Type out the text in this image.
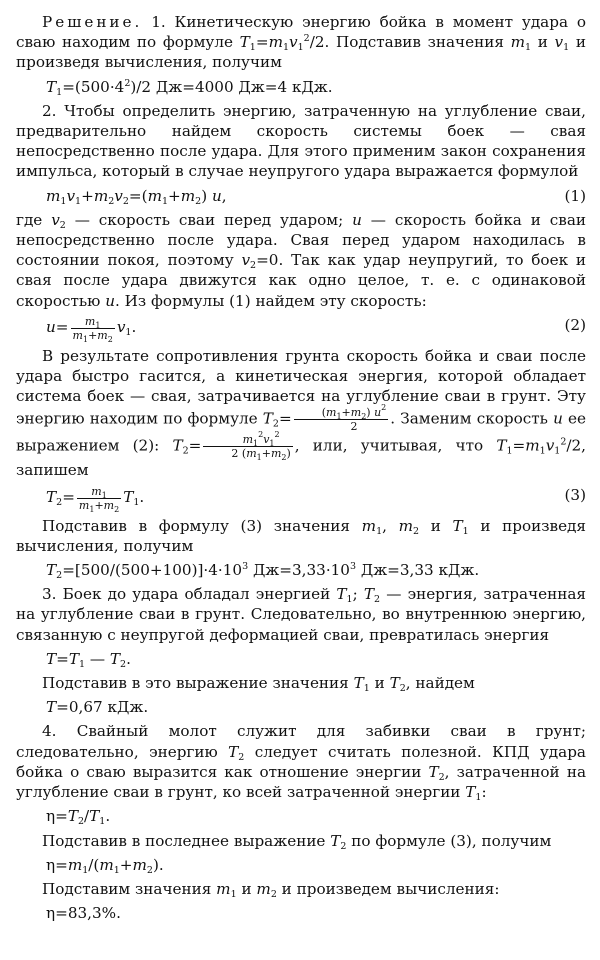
Решение. 1. Кинетическую энергию бойка в момент удара о сваю находим по формуле $T_1=m_1v_1^2/2$. Подставив значения $m_1$ и $v_1$ и произведя вычисления, получим

$T_1=(500\cdot 4^2)/2$ Дж=4000 Дж=4 кДж.

2. Чтобы определить энергию, затраченную на углубление сваи, предварительно найдем скорость системы боек — свая непосредственно после удара. Для этого применим закон сохранения импульса, который в случае неупругого удара выражается формулой

$m_1v_1+m_2v_2=(m_1+m_2)$ u,	(1)

где $v_2$ — скорость сваи перед ударом; u — скорость бойка и сваи непосредственно после удара. Свая перед ударом находилась в состоянии покоя, поэтому $v_2=0$. Так как удар неупругий, то боек и свая после удара движутся как одно целое, т. е. с одинаковой скоростью u. Из формулы (1) найдем эту скорость:

$u= \frac{m_1}{m_1+m_2} v_1$.	(2)

В результате сопротивления грунта скорость бойка и сваи после удара быстро гасится, а кинетическая энергия, которой обладает система боек — свая, затрачивается на углубление сваи в грунт. Эту энергию находим по формуле $T_2= \frac{(m_1+m_2) u^2}{2}$ . Заменим скорость u ее выражением (2): $T_2= \frac{m_1^2v_1^2}{2 (m_1+m_2)}$ , или, учитывая, что $T_1=m_1v_1^2/2$, запишем

$T_2= \frac{m_1}{m_1+m_2} T_1$.	(3)

Подставив в формулу (3) значения $m_1$, $m_2$ и $T_1$ и произведя вычисления, получим

$T_2=[500/(500+100)]\cdot 4\cdot 10^3$ $Дж=3,33\cdot 10^3$ Дж=3,33 кДж.

3. Боек до удара обладал энергией $T_1$; $T_2$ — энергия, затраченная на углубление сваи в грунт. Следовательно, во внутреннюю энергию, связанную с неупругой деформацией сваи, превратилась энергия

$T=T_1$ — $T_2$.

Подставив в это выражение значения $T_1$ и $T_2$, найдем

T=0,67 кДж.

4. Свайный молот служит для забивки сваи в грунт; следовательно, энергию $T_2$ следует считать полезной. КПД удара бойка о сваю выразится как отношение энергии $T_2$, затраченной на углубление сваи в грунт, ко всей затраченной энергии $T_1$:

$\eta=T_2/T_1$.

Подставив в последнее выражение $T_2$ по формуле (3), получим

$\eta=m_1/(m_1+m_2)$.

Подставим значения $m_1$ и $m_2$ и произведем вычисления:

η=83,3%.
